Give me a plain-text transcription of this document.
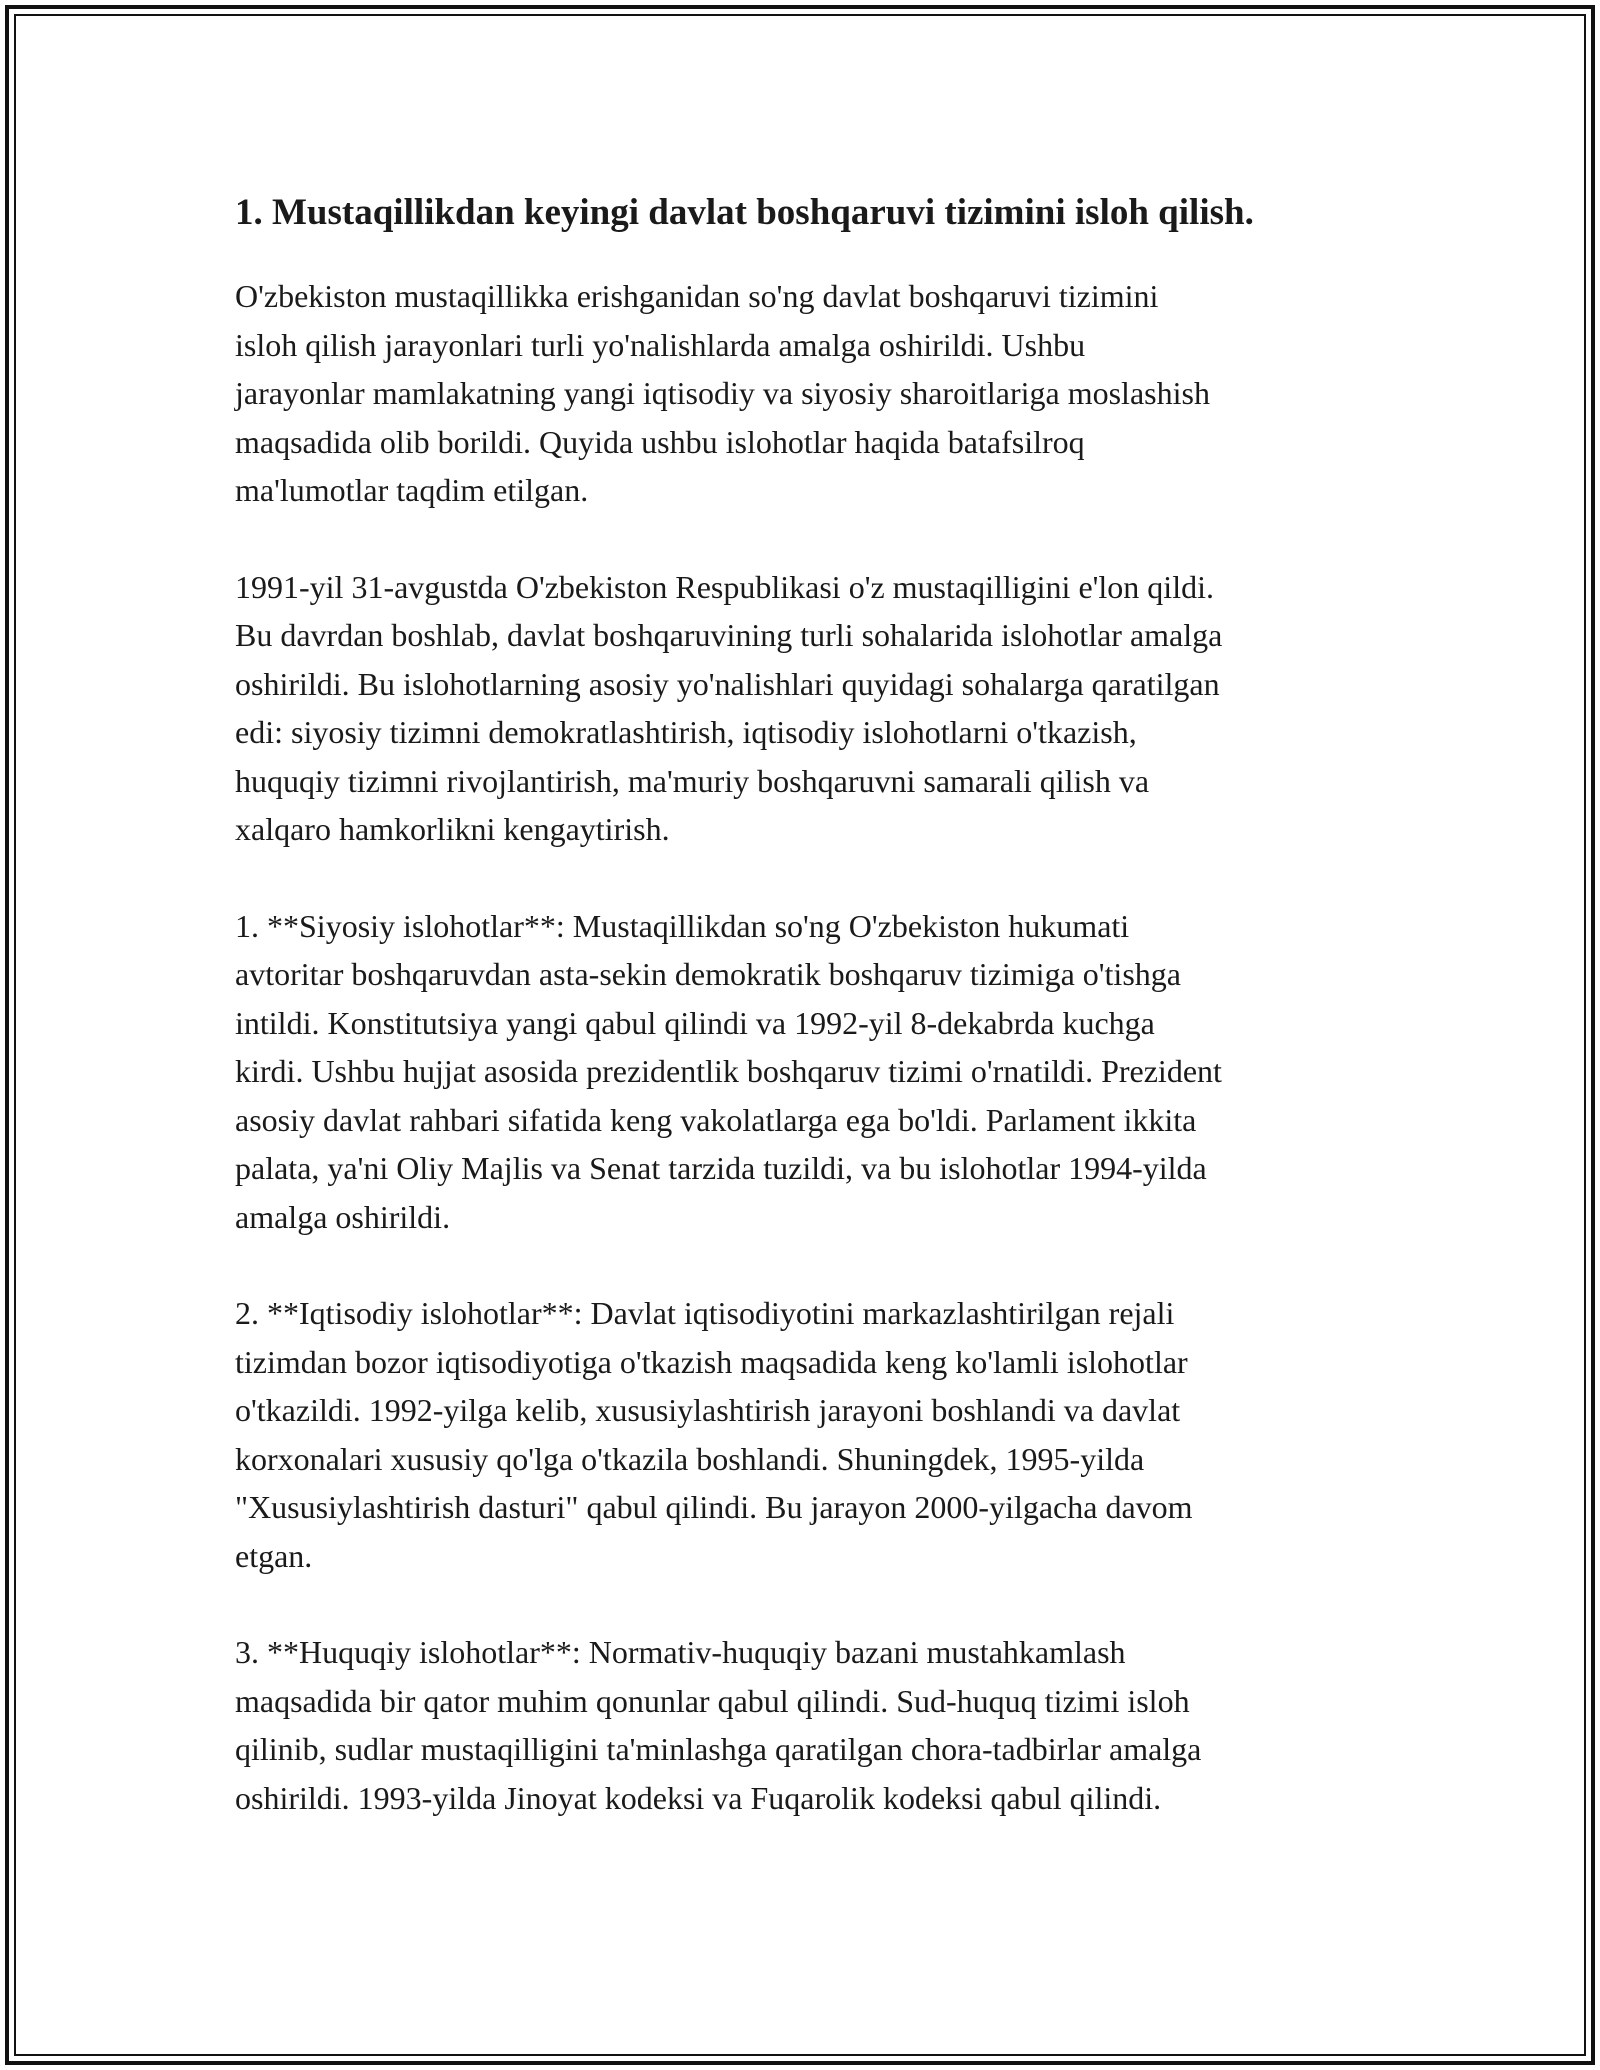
1. Mustaqillikdan keyingi davlat boshqaruvi tizimini isloh qilish.

O'zbekiston mustaqillikka erishganidan so'ng davlat boshqaruvi tizimini
isloh qilish jarayonlari turli yo'nalishlarda amalga oshirildi. Ushbu
jarayonlar mamlakatning yangi iqtisodiy va siyosiy sharoitlariga moslashish
maqsadida olib borildi. Quyida ushbu islohotlar haqida batafsilroq
ma'lumotlar taqdim etilgan.

1991-yil 31-avgustda O'zbekiston Respublikasi o'z mustaqilligini e'lon qildi.
Bu davrdan boshlab, davlat boshqaruvining turli sohalarida islohotlar amalga
oshirildi. Bu islohotlarning asosiy yo'nalishlari quyidagi sohalarga qaratilgan
edi: siyosiy tizimni demokratlashtirish, iqtisodiy islohotlarni o'tkazish,
huquqiy tizimni rivojlantirish, ma'muriy boshqaruvni samarali qilish va
xalqaro hamkorlikni kengaytirish.

1. **Siyosiy islohotlar**: Mustaqillikdan so'ng O'zbekiston hukumati
avtoritar boshqaruvdan asta-sekin demokratik boshqaruv tizimiga o'tishga
intildi. Konstitutsiya yangi qabul qilindi va 1992-yil 8-dekabrda kuchga
kirdi. Ushbu hujjat asosida prezidentlik boshqaruv tizimi o'rnatildi. Prezident
asosiy davlat rahbari sifatida keng vakolatlarga ega bo'ldi. Parlament ikkita
palata, ya'ni Oliy Majlis va Senat tarzida tuzildi, va bu islohotlar 1994-yilda
amalga oshirildi.

2. **Iqtisodiy islohotlar**: Davlat iqtisodiyotini markazlashtirilgan rejali
tizimdan bozor iqtisodiyotiga o'tkazish maqsadida keng ko'lamli islohotlar
o'tkazildi. 1992-yilga kelib, xususiylashtirish jarayoni boshlandi va davlat
korxonalari xususiy qo'lga o'tkazila boshlandi. Shuningdek, 1995-yilda
"Xususiylashtirish dasturi" qabul qilindi. Bu jarayon 2000-yilgacha davom
etgan.

3. **Huquqiy islohotlar**: Normativ-huquqiy bazani mustahkamlash
maqsadida bir qator muhim qonunlar qabul qilindi. Sud-huquq tizimi isloh
qilinib, sudlar mustaqilligini ta'minlashga qaratilgan chora-tadbirlar amalga
oshirildi. 1993-yilda Jinoyat kodeksi va Fuqarolik kodeksi qabul qilindi.
